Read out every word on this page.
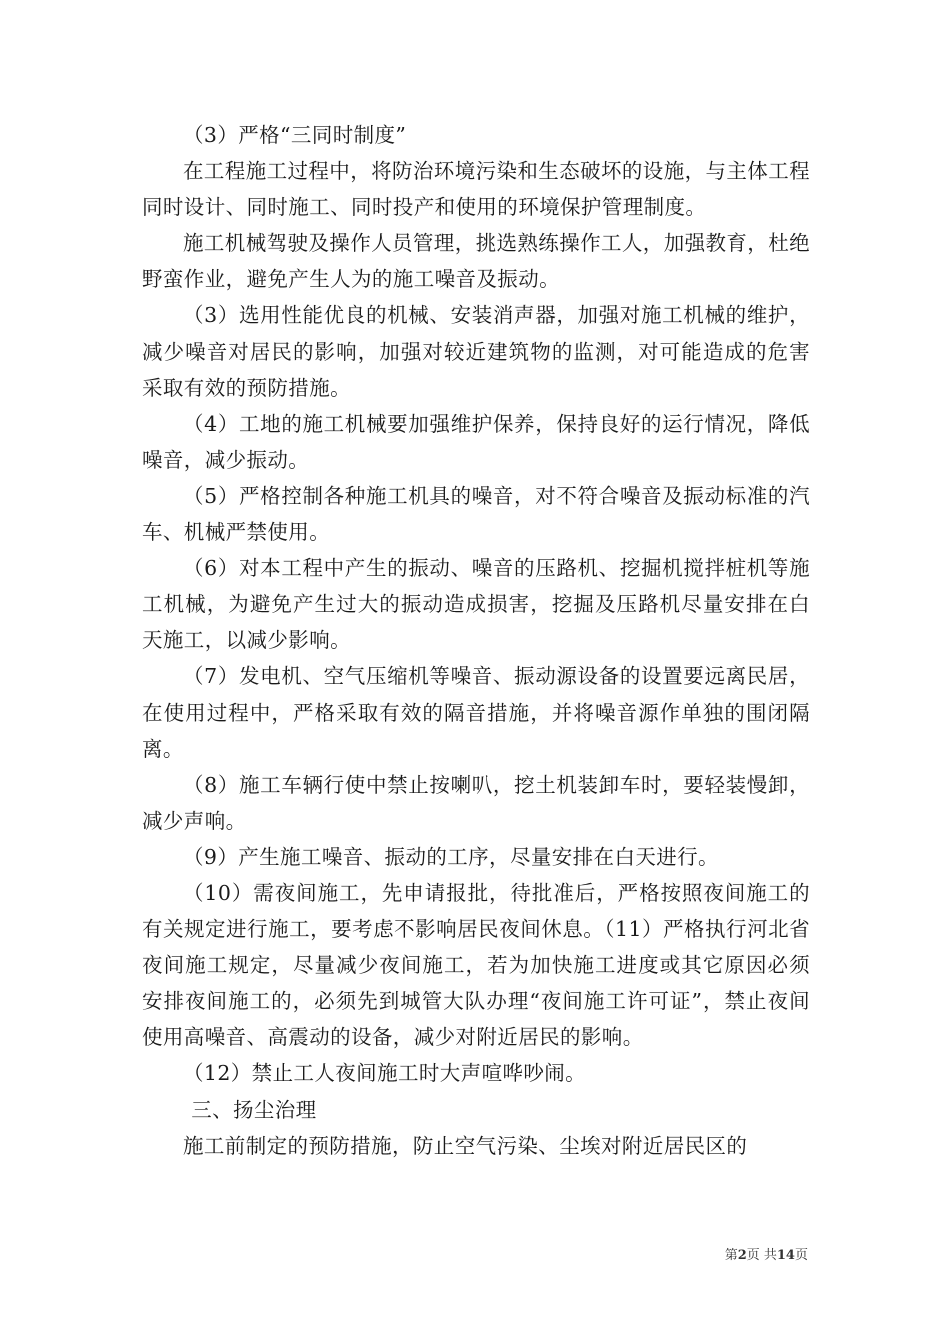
（3）严格“三同时制度”

在工程施工过程中，将防治环境污染和生态破坏的设施，与主体工程同时设计、同时施工、同时投产和使用的环境保护管理制度。

施工机械驾驶及操作人员管理，挑选熟练操作工人，加强教育，杜绝野蛮作业，避免产生人为的施工噪音及振动。

（3）选用性能优良的机械、安装消声器，加强对施工机械的维护，减少噪音对居民的影响，加强对较近建筑物的监测，对可能造成的危害采取有效的预防措施。

（4）工地的施工机械要加强维护保养，保持良好的运行情况，降低噪音，减少振动。

（5）严格控制各种施工机具的噪音，对不符合噪音及振动标准的汽车、机械严禁使用。

（6）对本工程中产生的振动、噪音的压路机、挖掘机搅拌桩机等施工机械，为避免产生过大的振动造成损害，挖掘及压路机尽量安排在白天施工，以减少影响。

（7）发电机、空气压缩机等噪音、振动源设备的设置要远离民居，在使用过程中，严格采取有效的隔音措施，并将噪音源作单独的围闭隔离。

（8）施工车辆行使中禁止按喇叭，挖土机装卸车时，要轻装慢卸，减少声响。

（9）产生施工噪音、振动的工序，尽量安排在白天进行。

（10）需夜间施工，先申请报批，待批准后，严格按照夜间施工的有关规定进行施工，要考虑不影响居民夜间休息。（11）严格执行河北省夜间施工规定，尽量减少夜间施工，若为加快施工进度或其它原因必须安排夜间施工的，必须先到城管大队办理“夜间施工许可证”，禁止夜间使用高噪音、高震动的设备，减少对附近居民的影响。

（12）禁止工人夜间施工时大声喧哗吵闹。

三、扬尘治理

施工前制定的预防措施，防止空气污染、尘埃对附近居民区的

第2页 共14页
